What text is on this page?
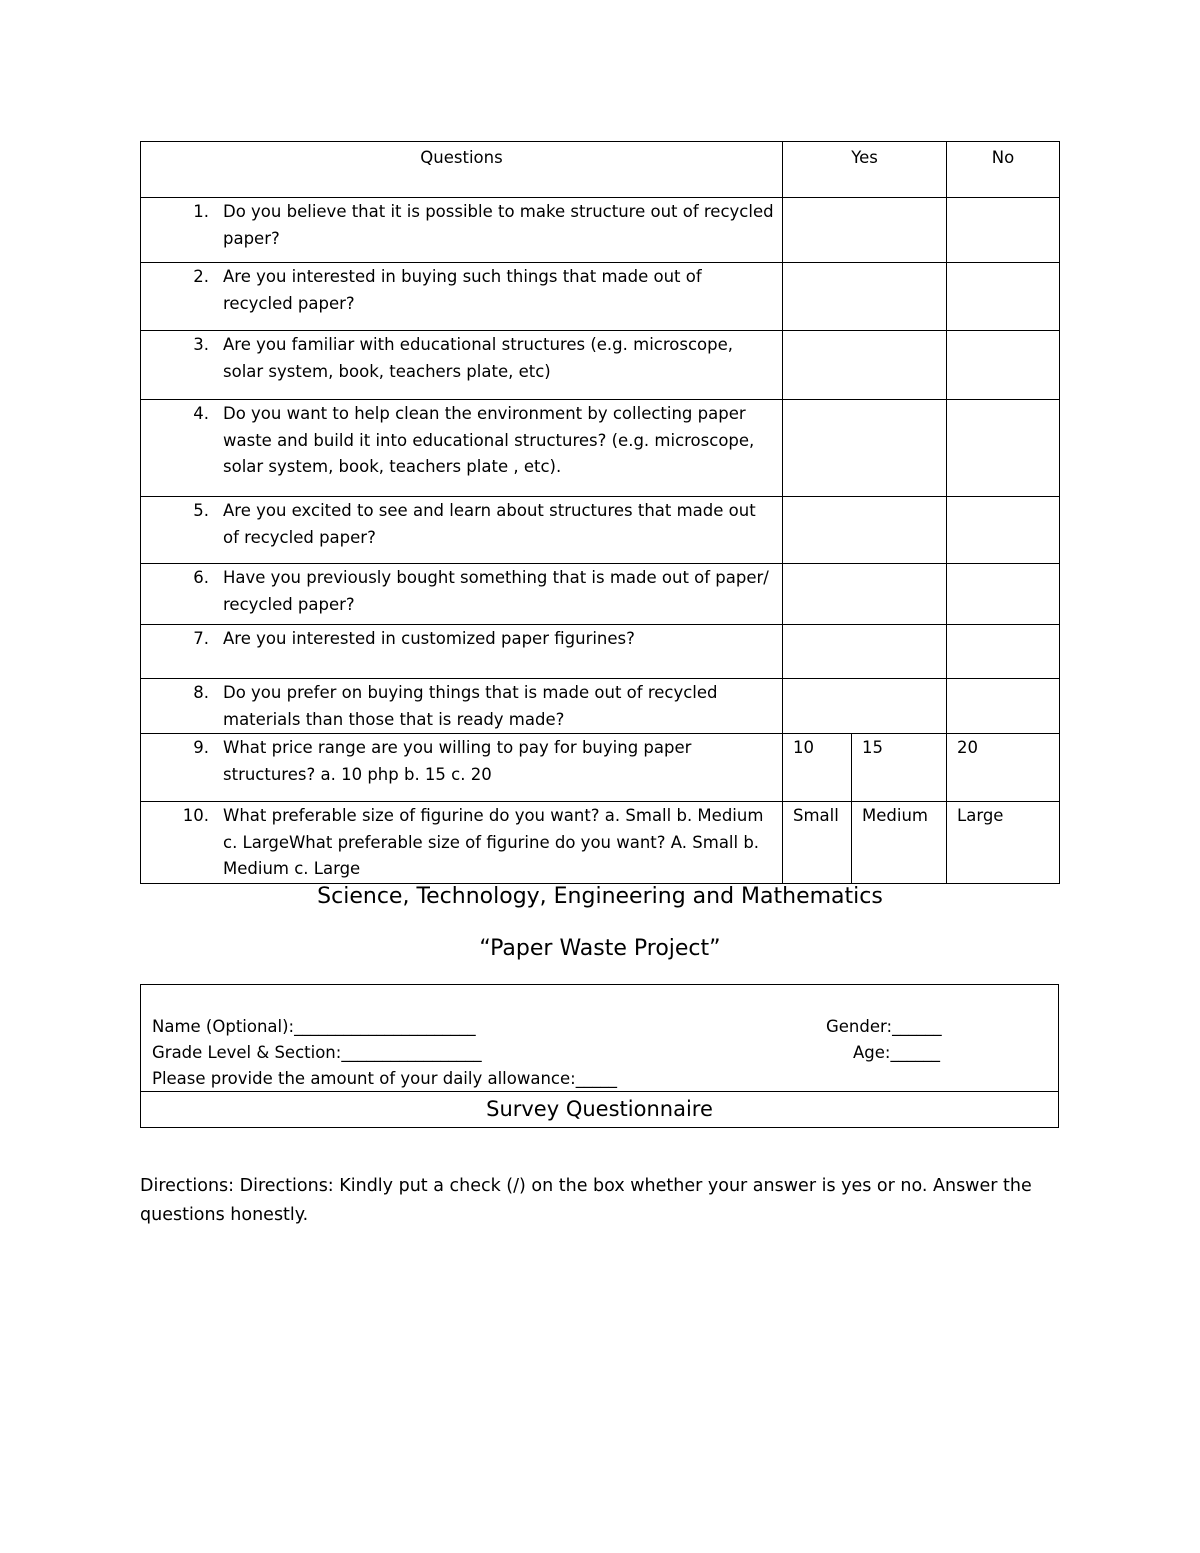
Questions	Yes		No

1. Do you believe that it is possible to make structure out of recycled paper?			

2. Are you interested in buying such things that made out of recycled paper?			

3. Are you familiar with educational structures (e.g. microscope, solar system, book, teachers plate, etc)			

4. Do you want to help clean the environment by collecting paper waste and build it into educational structures? (e.g. microscope, solar system, book, teachers plate , etc).			

5. Are you excited to see and learn about structures that made out of recycled paper?			

6. Have you previously bought something that is made out of paper/ recycled paper?			

7. Are you interested in customized paper figurines?			

8. Do you prefer on buying things that is made out of recycled materials than those that is ready made?			

9. What price range are you willing to pay for buying paper structures? a. 10 php b. 15 c. 20	10	15	20

10. What preferable size of figurine do you want? a. Small b. Medium c. LargeWhat preferable size of figurine do you want? A. Small b. Medium c. Large	Small	Medium	Large
Science, Technology, Engineering and Mathematics
“Paper Waste Project”
Name (Optional):______________________	Gender:______
Grade Level & Section:_________________	Age:______
Please provide the amount of your daily allowance:_____
Survey Questionnaire
Directions: Directions: Kindly put a check (/) on the box whether your answer is yes or no. Answer the questions honestly.
